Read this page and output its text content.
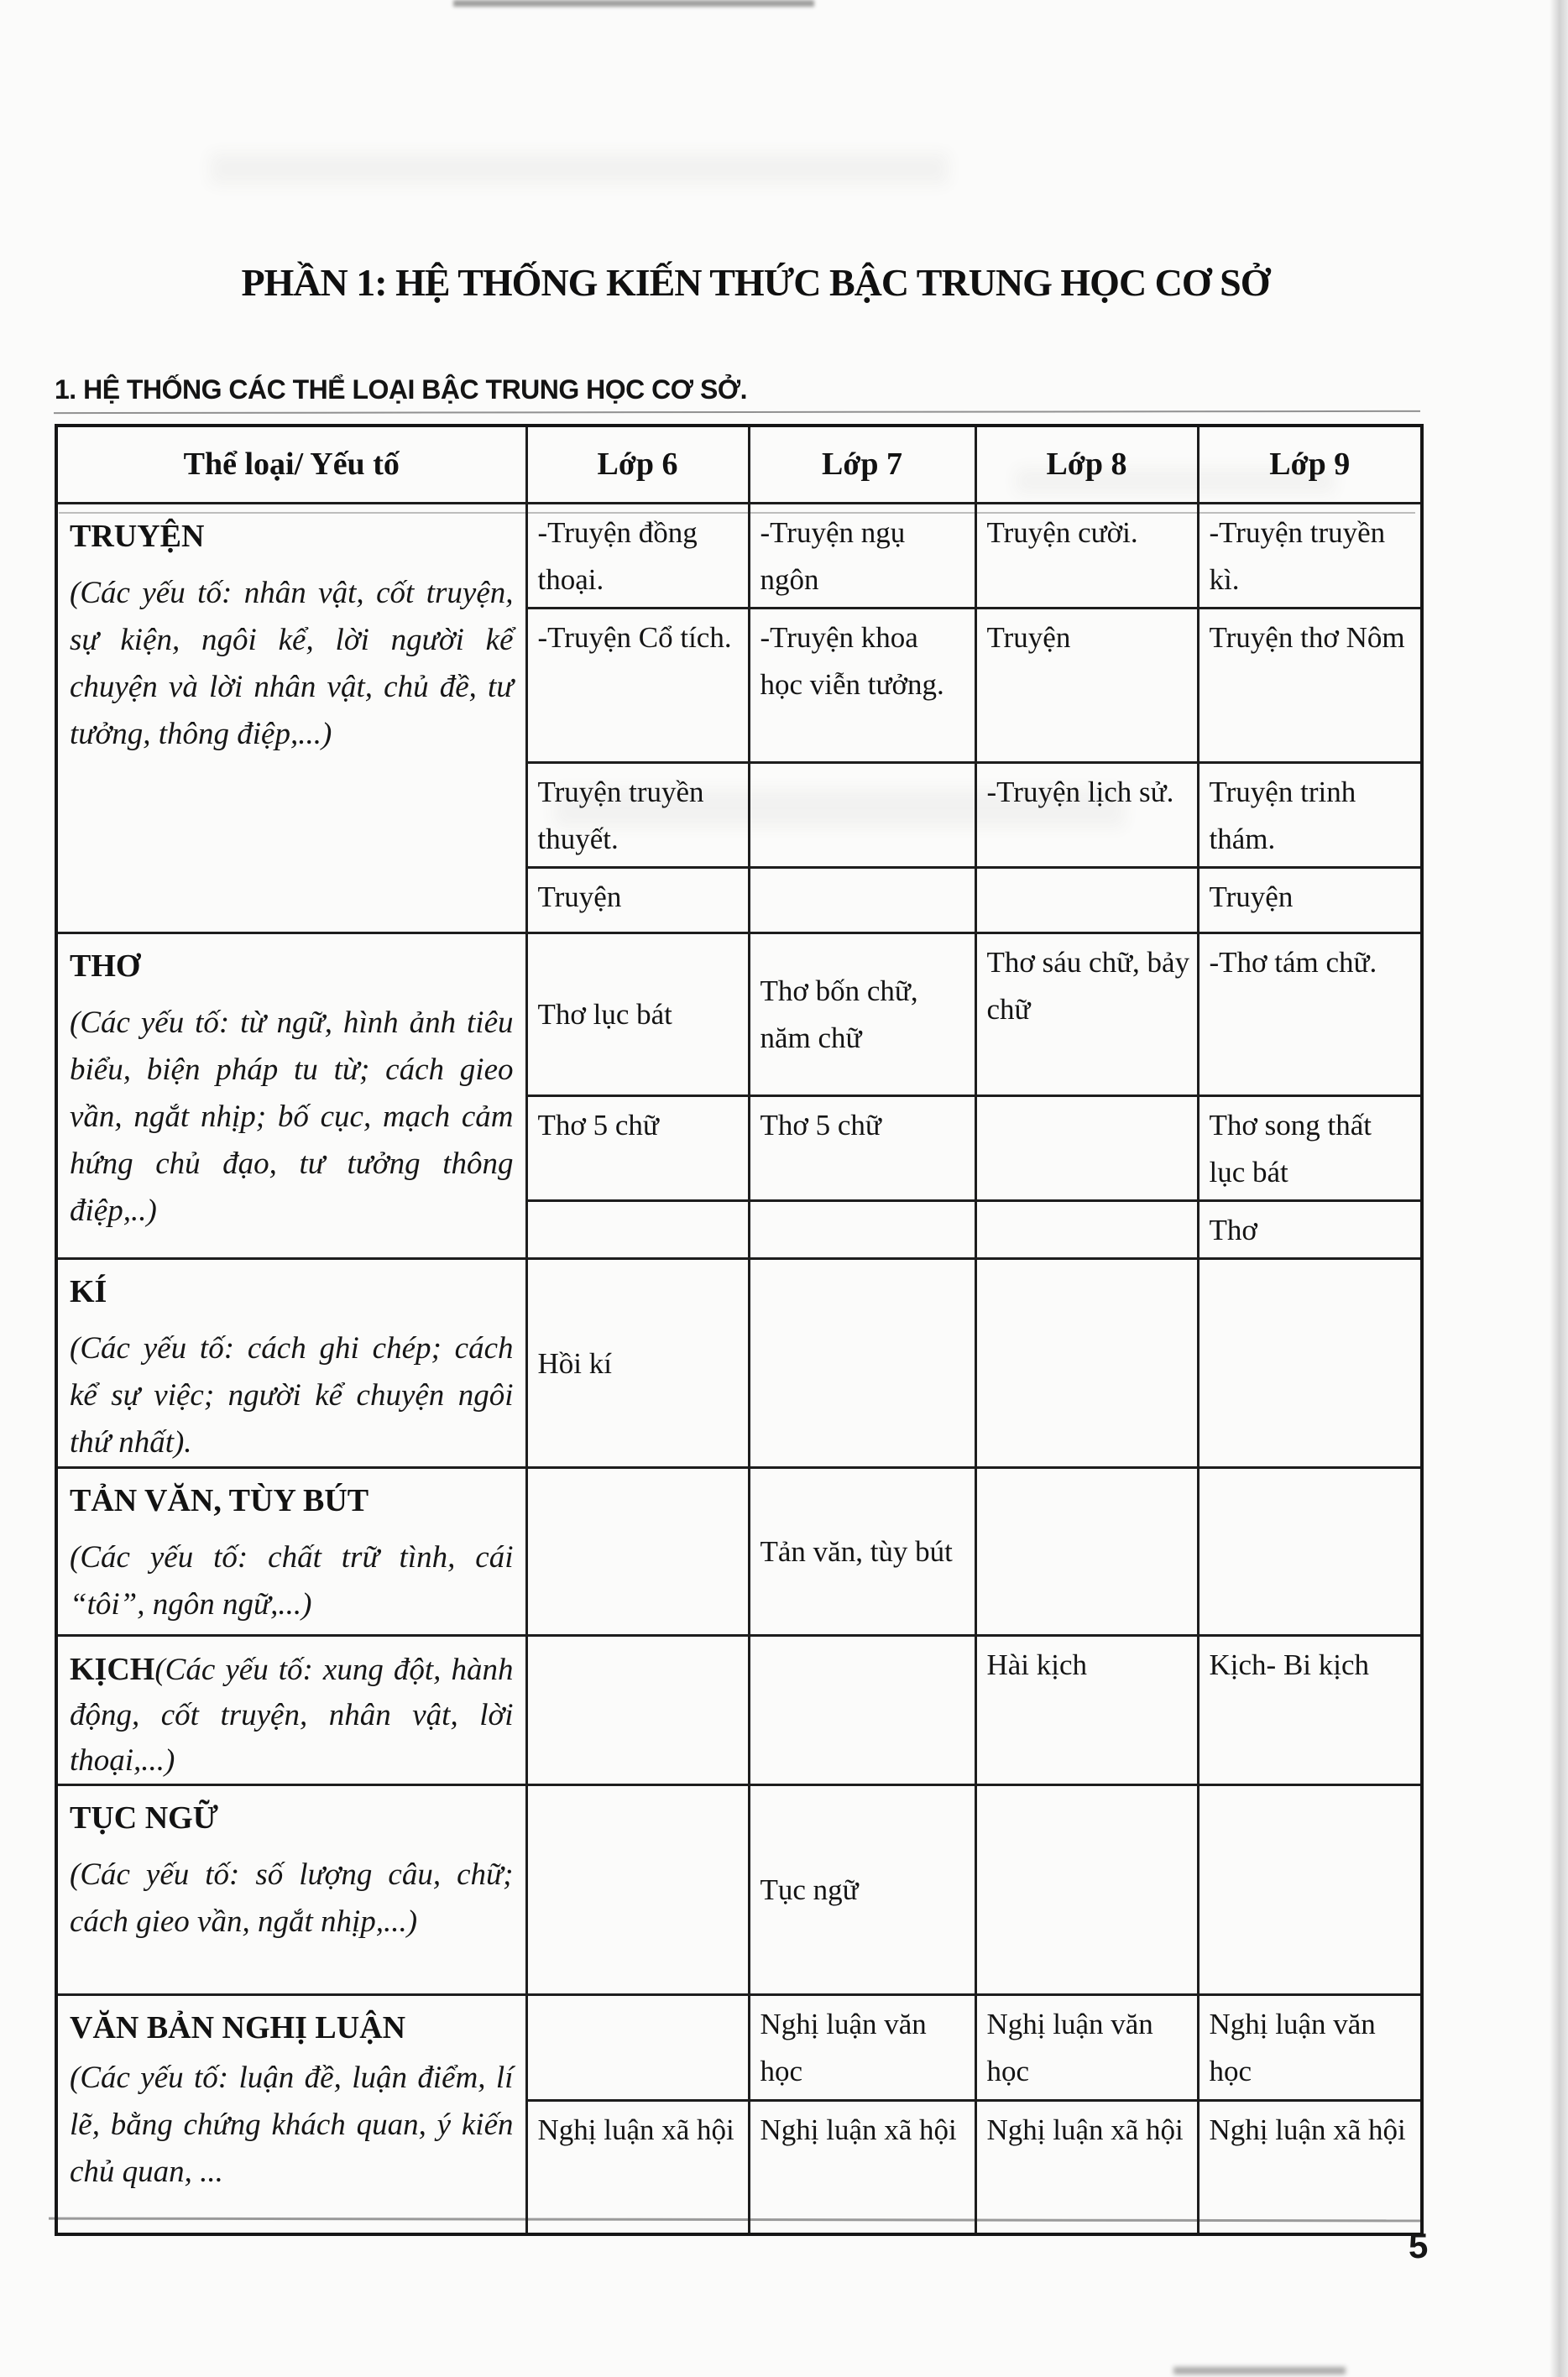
PHẦN 1: HỆ THỐNG KIẾN THỨC BẬC TRUNG HỌC CƠ SỞ
1. HỆ THỐNG CÁC THỂ LOẠI BẬC TRUNG HỌC CƠ SỞ.
Thể loại/ Yếu tố	Lớp 6	Lớp 7	Lớp 8	Lớp 9

TRUYỆN
(Các yếu tố: nhân vật, cốt truyện, sự kiện, ngôi kể, lời người kể chuyện và lời nhân vật, chủ đề, tư tưởng, thông điệp,...)	-Truyện đồng thoại.	-Truyện ngụ ngôn	Truyện cười.	-Truyện truyền kì.
	-Truyện Cổ tích.	-Truyện khoa học viễn tưởng.	Truyện	Truyện thơ Nôm
	Truyện truyền thuyết.		-Truyện lịch sử.	Truyện trinh thám.
	Truyện			Truyện

THƠ
(Các yếu tố: từ ngữ, hình ảnh tiêu biểu, biện pháp tu từ; cách gieo vần, ngắt nhịp; bố cục, mạch cảm hứng chủ đạo, tư tưởng thông điệp,..)	Thơ lục bát	Thơ bốn chữ, năm chữ	Thơ sáu chữ, bảy chữ	-Thơ tám chữ.
	Thơ 5 chữ	Thơ 5 chữ		Thơ song thất lục bát
				Thơ

KÍ
(Các yếu tố: cách ghi chép; cách kể sự việc; người kể chuyện ngôi thứ nhất).	Hồi kí			

TẢN VĂN, TÙY BÚT
(Các yếu tố: chất trữ tình, cái “tôi”, ngôn ngữ,...)		Tản văn, tùy bút		

KỊCH(Các yếu tố: xung đột, hành động, cốt truyện, nhân vật, lời thoại,...)			Hài kịch	Kịch- Bi kịch

TỤC NGỮ
(Các yếu tố: số lượng câu, chữ; cách gieo vần, ngắt nhịp,...)		Tục ngữ		

VĂN BẢN NGHỊ LUẬN
(Các yếu tố: luận đề, luận điểm, lí lẽ, bằng chứng khách quan, ý kiến chủ quan, ...		Nghị luận văn học	Nghị luận văn học	Nghị luận văn học
	Nghị luận xã hội	Nghị luận xã hội	Nghị luận xã hội	Nghị luận xã hội
5
